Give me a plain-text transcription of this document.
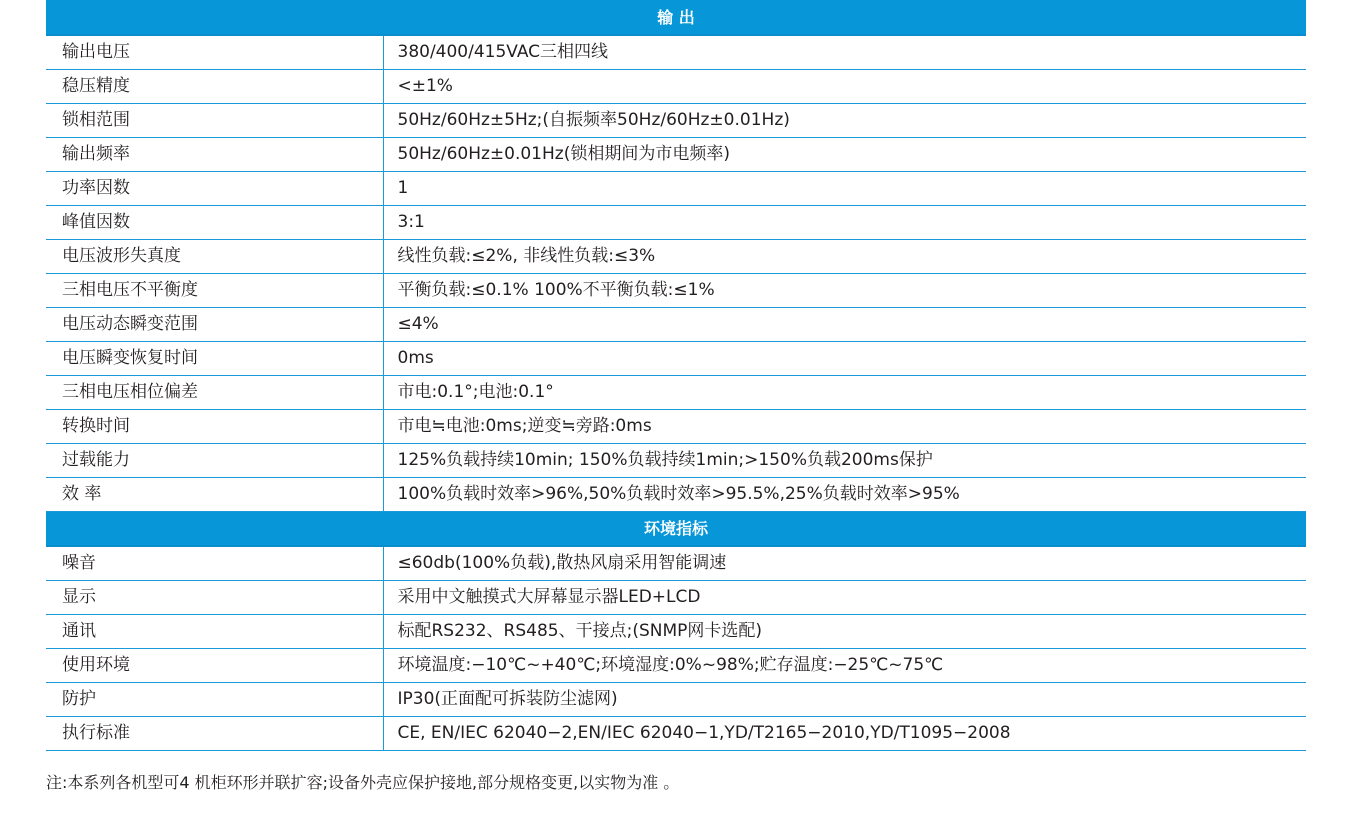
输 出	
输出电压	380/400/415VAC三相四线
稳压精度	<±1%
锁相范围	50Hz/60Hz±5Hz;(自振频率50Hz/60Hz±0.01Hz)
输出频率	50Hz/60Hz±0.01Hz(锁相期间为市电频率)
功率因数	1
峰值因数	3:1
电压波形失真度	线性负载:≤2%, 非线性负载:≤3%
三相电压不平衡度	平衡负载:≤0.1% 100%不平衡负载:≤1%
电压动态瞬变范围	≤4%
电压瞬变恢复时间	0ms
三相电压相位偏差	市电:0.1°;电池:0.1°
转换时间	市电≒电池:0ms;逆变≒旁路:0ms
过载能力	125%负载持续10min; 150%负载持续1min;>150%负载200ms保护
效 率	100%负载时效率>96%,50%负载时效率>95.5%,25%负载时效率>95%
环境指标	
噪音	≤60db(100%负载),散热风扇采用智能调速
显示	采用中文触摸式大屏幕显示器LED+LCD
通讯	标配RS232、RS485、干接点;(SNMP网卡选配)
使用环境	环境温度:−10℃~+40℃;环境湿度:0%~98%;贮存温度:−25℃~75℃
防护	IP30(正面配可拆装防尘滤网)
执行标准	CE, EN/IEC 62040−2,EN/IEC 62040−1,YD/T2165−2010,YD/T1095−2008
注:本系列各机型可4 机柜环形并联扩容;设备外壳应保护接地,部分规格变更,以实物为准 。
